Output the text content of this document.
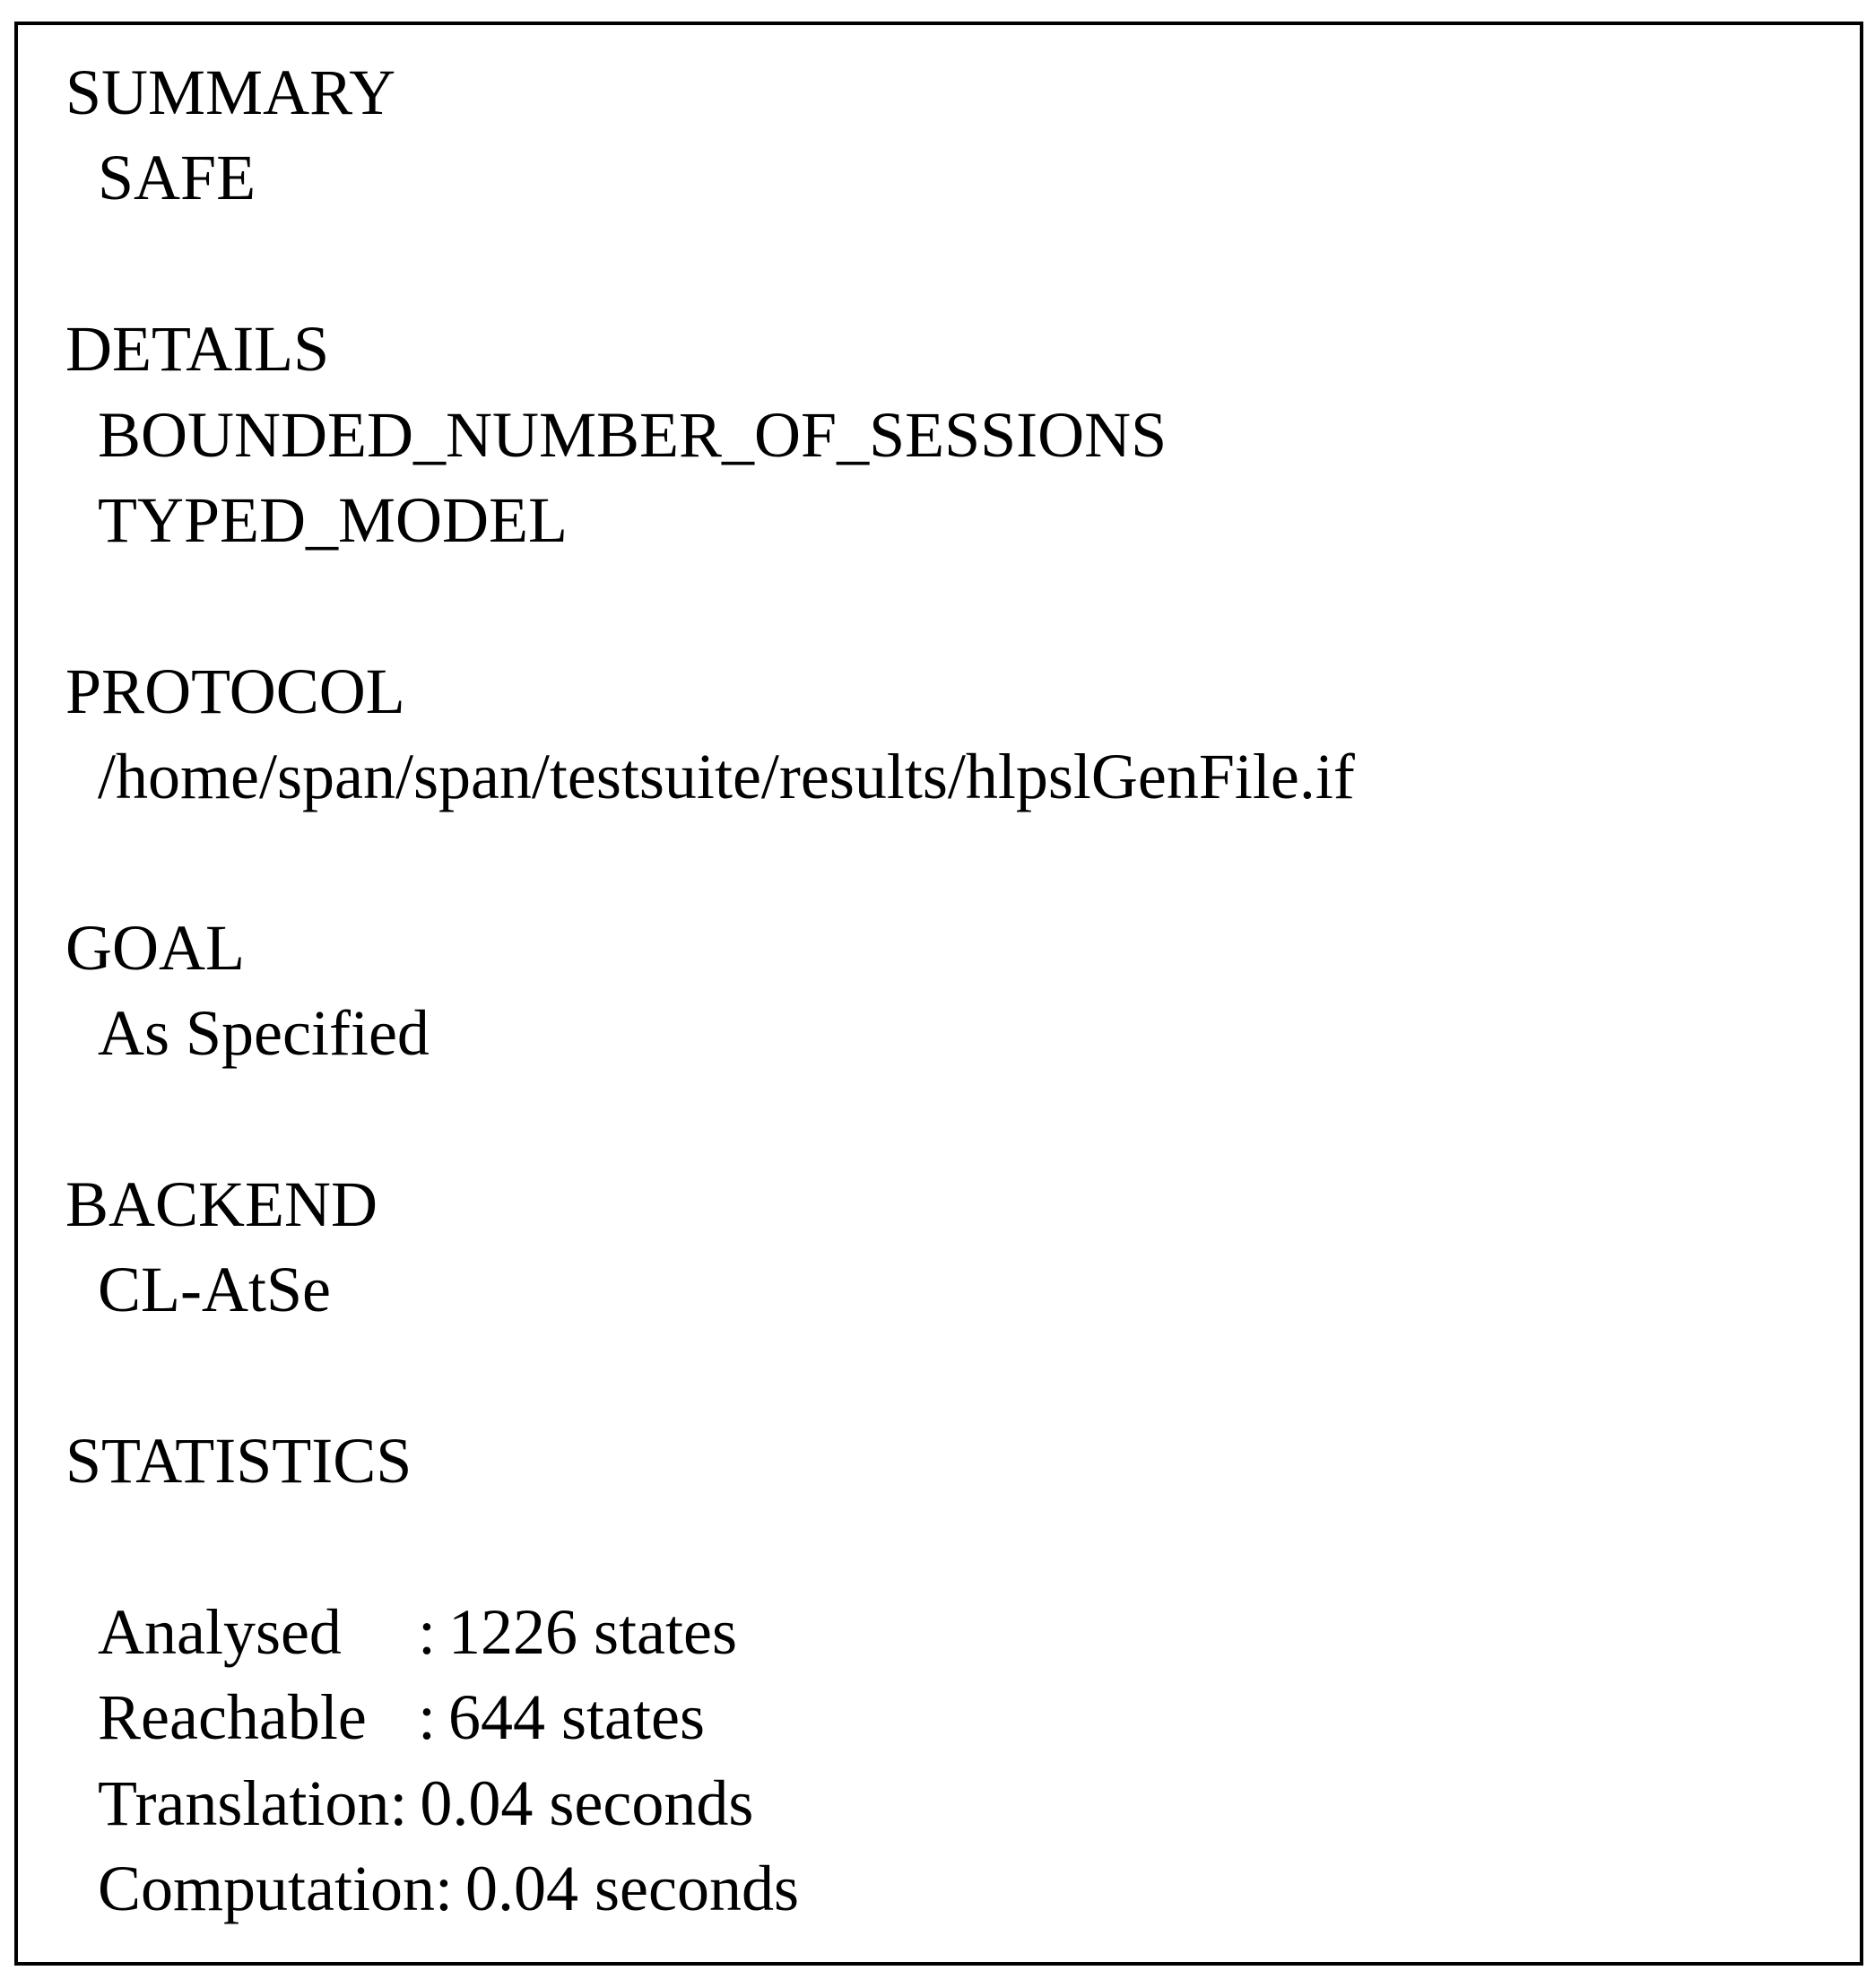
SUMMARY
SAFE
DETAILS
BOUNDED_NUMBER_OF_SESSIONS
TYPED_MODEL
PROTOCOL
/home/span/span/testsuite/results/hlpslGenFile.if
GOAL
As Specified
BACKEND
CL-AtSe
STATISTICS
Analysed	: 1226 states
Reachable : 644 states
Translation : 0.04 seconds
Computation : 0.04 seconds
